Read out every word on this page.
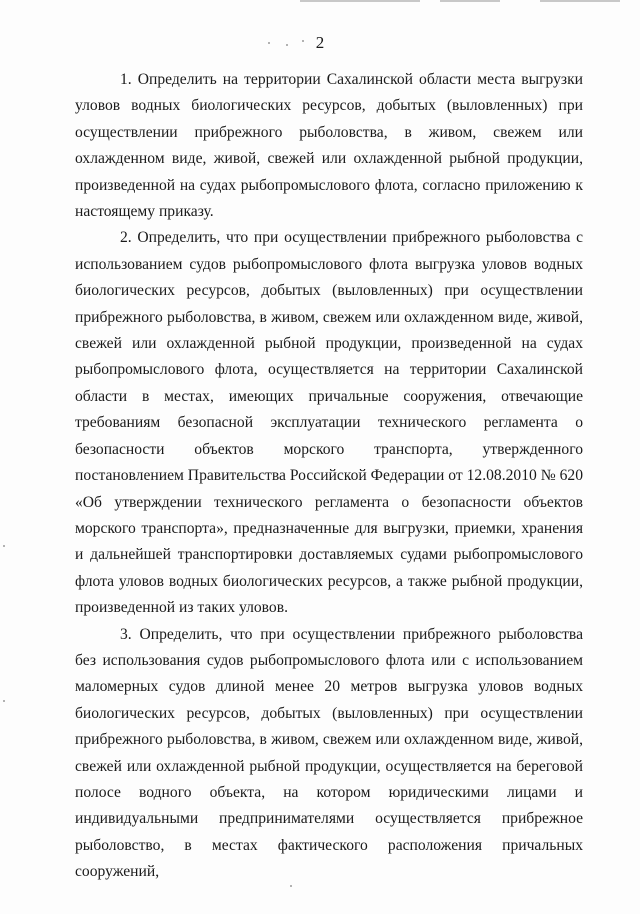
2

1. Определить на территории Сахалинской области места выгрузки уловов водных биологических ресурсов, добытых (выловленных) при осуществлении прибрежного рыболовства, в живом, свежем или охлажденном виде, живой, свежей или охлажденной рыбной продукции, произведенной на судах рыбопромыслового флота, согласно приложению к настоящему приказу.

2. Определить, что при осуществлении прибрежного рыболовства с использованием судов рыбопромыслового флота выгрузка уловов водных биологических ресурсов, добытых (выловленных) при осуществлении прибрежного рыболовства, в живом, свежем или охлажденном виде, живой, свежей или охлажденной рыбной продукции, произведенной на судах рыбопромыслового флота, осуществляется на территории Сахалинской области в местах, имеющих причальные сооружения, отвечающие требованиям безопасной эксплуатации технического регламента о безопасности объектов морского транспорта, утвержденного постановлением Правительства Российской Федерации от 12.08.2010 № 620 «Об утверждении технического регламента о безопасности объектов морского транспорта», предназначенные для выгрузки, приемки, хранения и дальнейшей транспортировки доставляемых судами рыбопромыслового флота уловов водных биологических ресурсов, а также рыбной продукции, произведенной из таких уловов.

3. Определить, что при осуществлении прибрежного рыболовства без использования судов рыбопромыслового флота или с использованием маломерных судов длиной менее 20 метров выгрузка уловов водных биологических ресурсов, добытых (выловленных) при осуществлении прибрежного рыболовства, в живом, свежем или охлажденном виде, живой, свежей или охлажденной рыбной продукции, осуществляется на береговой полосе водного объекта, на котором юридическими лицами и индивидуальными предпринимателями осуществляется прибрежное рыболовство, в местах фактического расположения причальных сооружений,
